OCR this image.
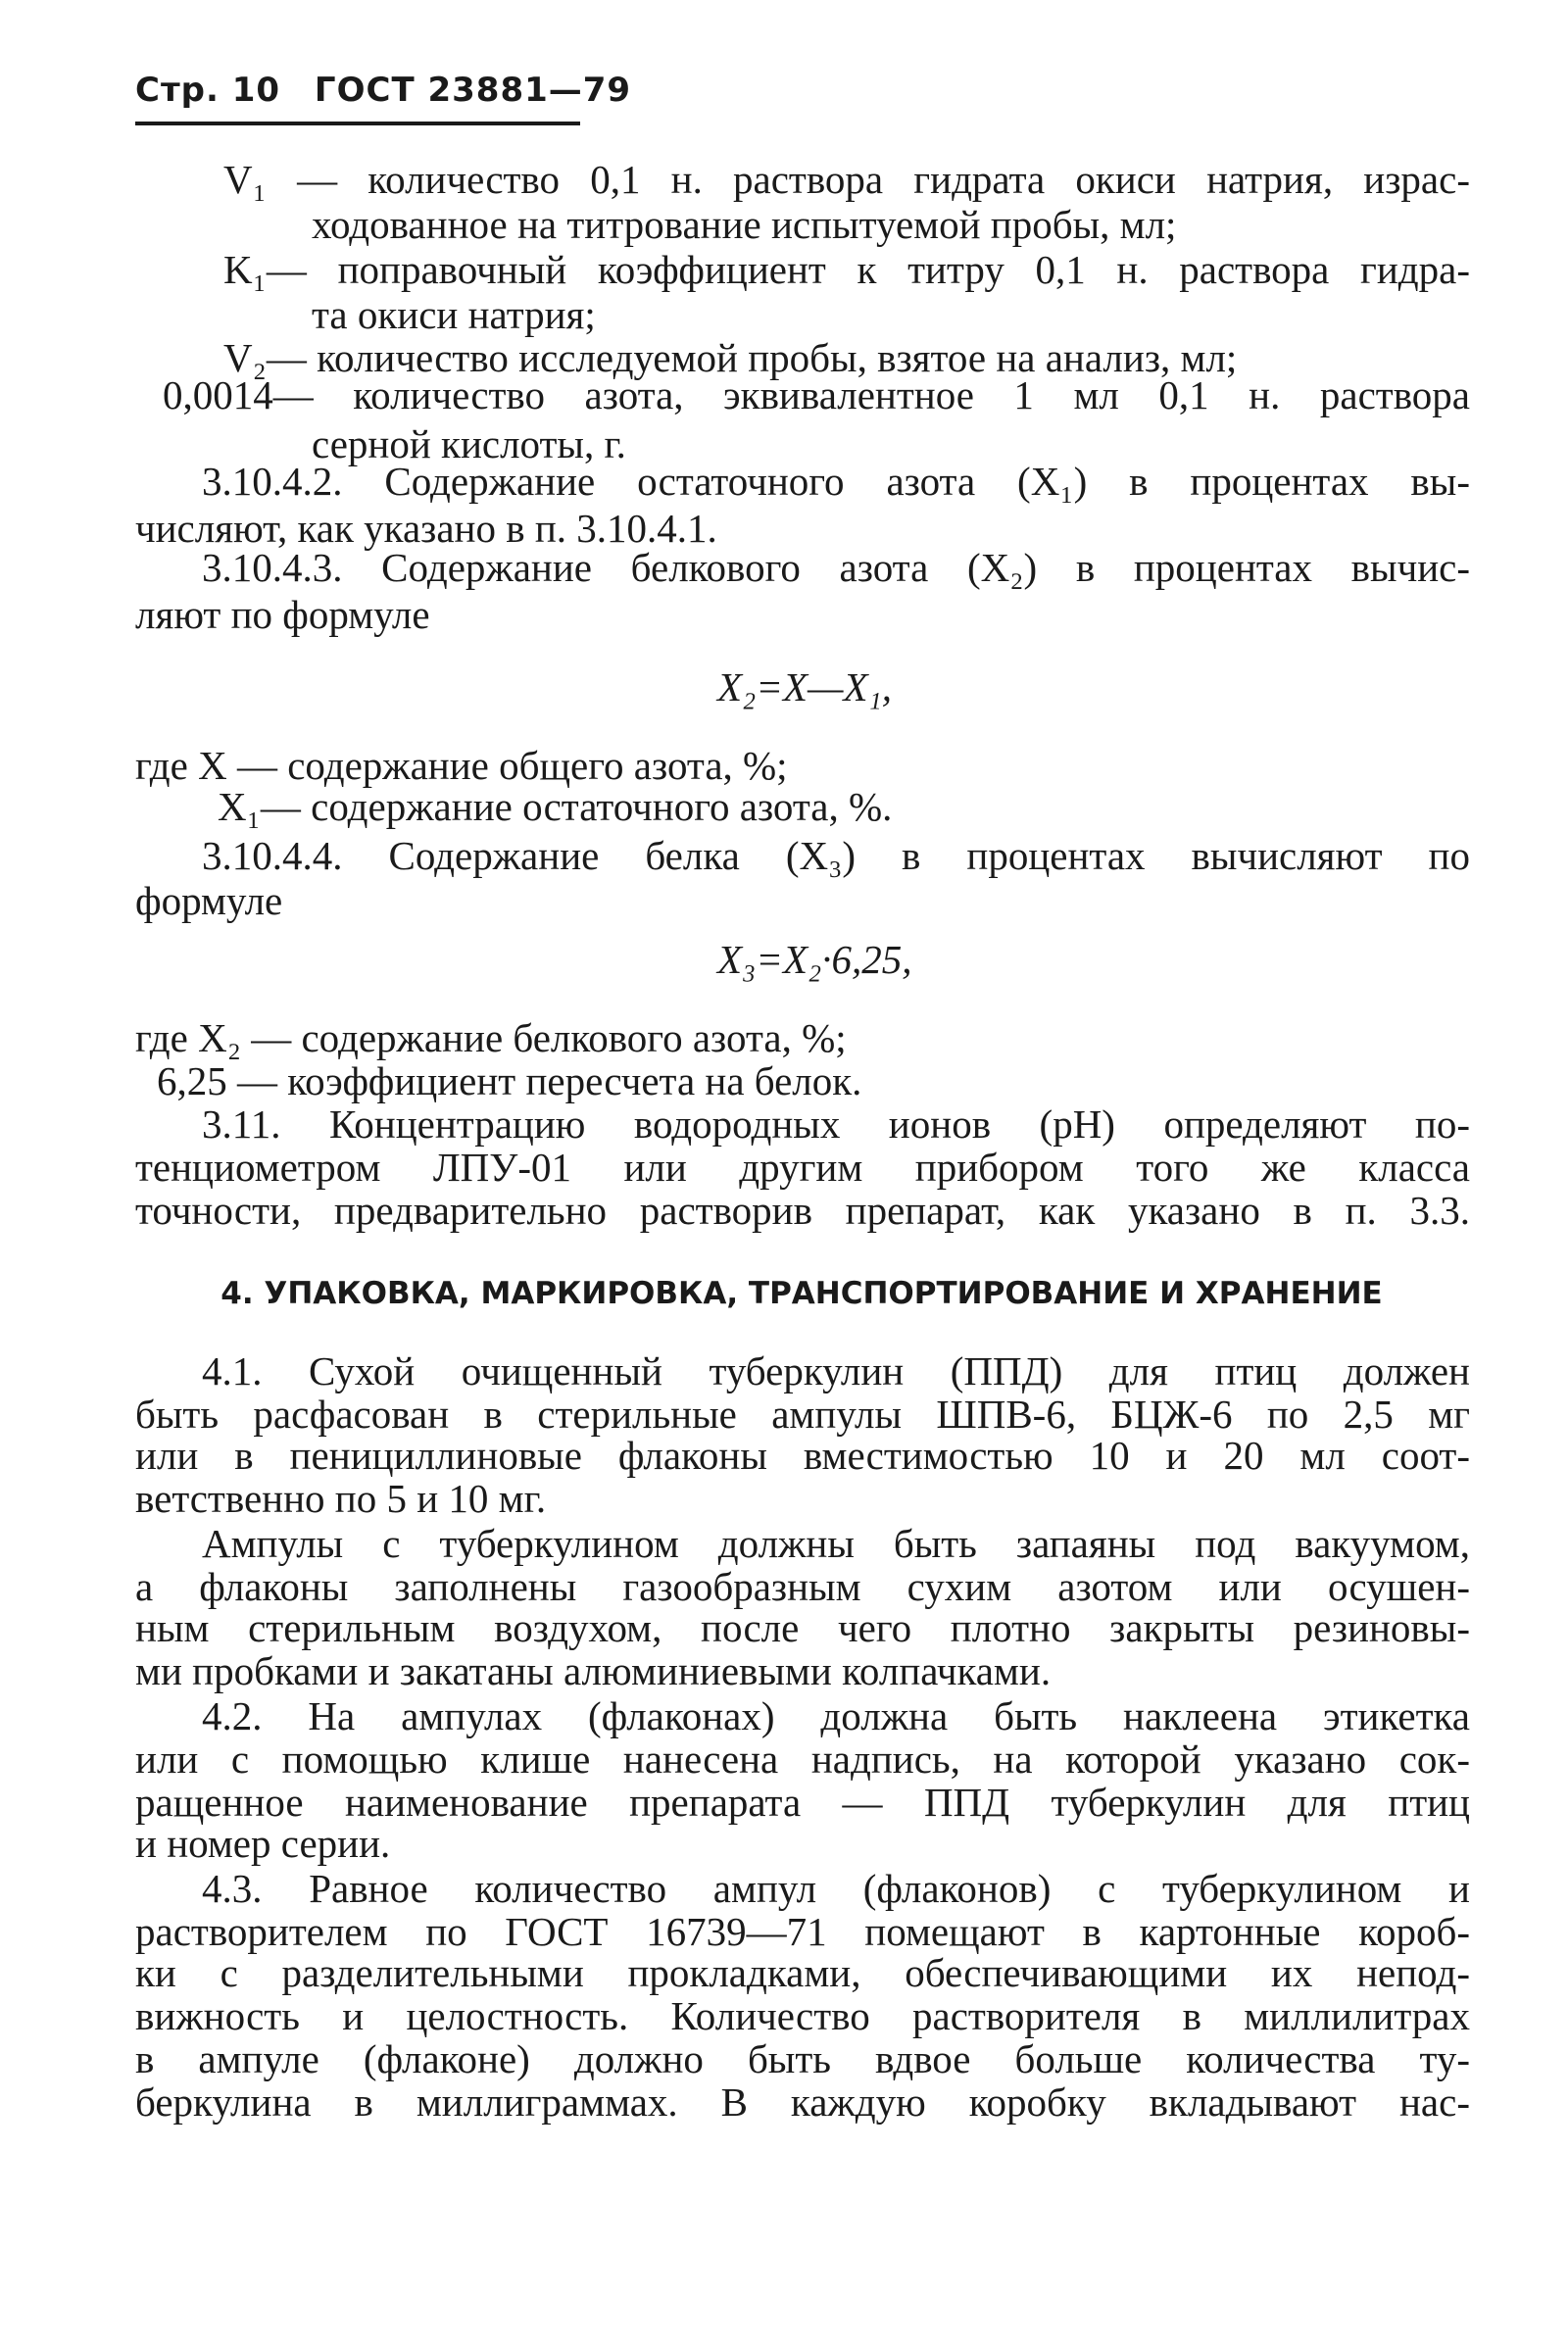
Стр. 10 ГОСТ 23881—79
V₁ — количество 0,1 н. раствора гидрата окиси натрия, израс-
ходованное на титрование испытуемой пробы, мл;
K₁— поправочный коэффициент к титру 0,1 н. раствора гидра-
та окиси натрия;
V₂— количество исследуемой пробы, взятое на анализ, мл;
0,0014— количество азота, эквивалентное 1 мл 0,1 н. раствора
серной кислоты, г.
3.10.4.2. Содержание остаточного азота (X₁) в процентах вы-
числяют, как указано в п. 3.10.4.1.
3.10.4.3. Содержание белкового азота (X₂) в процентах вычис-
ляют по формуле
X₂=X—X₁,
где X — содержание общего азота, %;
X₁— содержание остаточного азота, %.
3.10.4.4. Содержание белка (X₃) в процентах вычисляют по
формуле
X₃=X₂·6,25,
где X₂ — содержание белкового азота, %;
6,25 — коэффициент пересчета на белок.
3.11. Концентрацию водородных ионов (pH) определяют по-
тенциометром ЛПУ-01 или другим прибором того же класса
точности, предварительно растворив препарат, как указано в п. 3.3.
4. УПАКОВКА, МАРКИРОВКА, ТРАНСПОРТИРОВАНИЕ И ХРАНЕНИЕ
4.1. Сухой очищенный туберкулин (ППД) для птиц должен
быть расфасован в стерильные ампулы ШПВ-6, БЦЖ-6 по 2,5 мг
или в пенициллиновые флаконы вместимостью 10 и 20 мл соот-
ветственно по 5 и 10 мг.
Ампулы с туберкулином должны быть запаяны под вакуумом,
а флаконы заполнены газообразным сухим азотом или осушен-
ным стерильным воздухом, после чего плотно закрыты резиновы-
ми пробками и закатаны алюминиевыми колпачками.
4.2. На ампулах (флаконах) должна быть наклеена этикетка
или с помощью клише нанесена надпись, на которой указано сок-
ращенное наименование препарата — ППД туберкулин для птиц
и номер серии.
4.3. Равное количество ампул (флаконов) с туберкулином и
растворителем по ГОСТ 16739—71 помещают в картонные короб-
ки с разделительными прокладками, обеспечивающими их непод-
вижность и целостность. Количество растворителя в миллилитрах
в ампуле (флаконе) должно быть вдвое больше количества ту-
беркулина в миллиграммах. В каждую коробку вкладывают нас-
